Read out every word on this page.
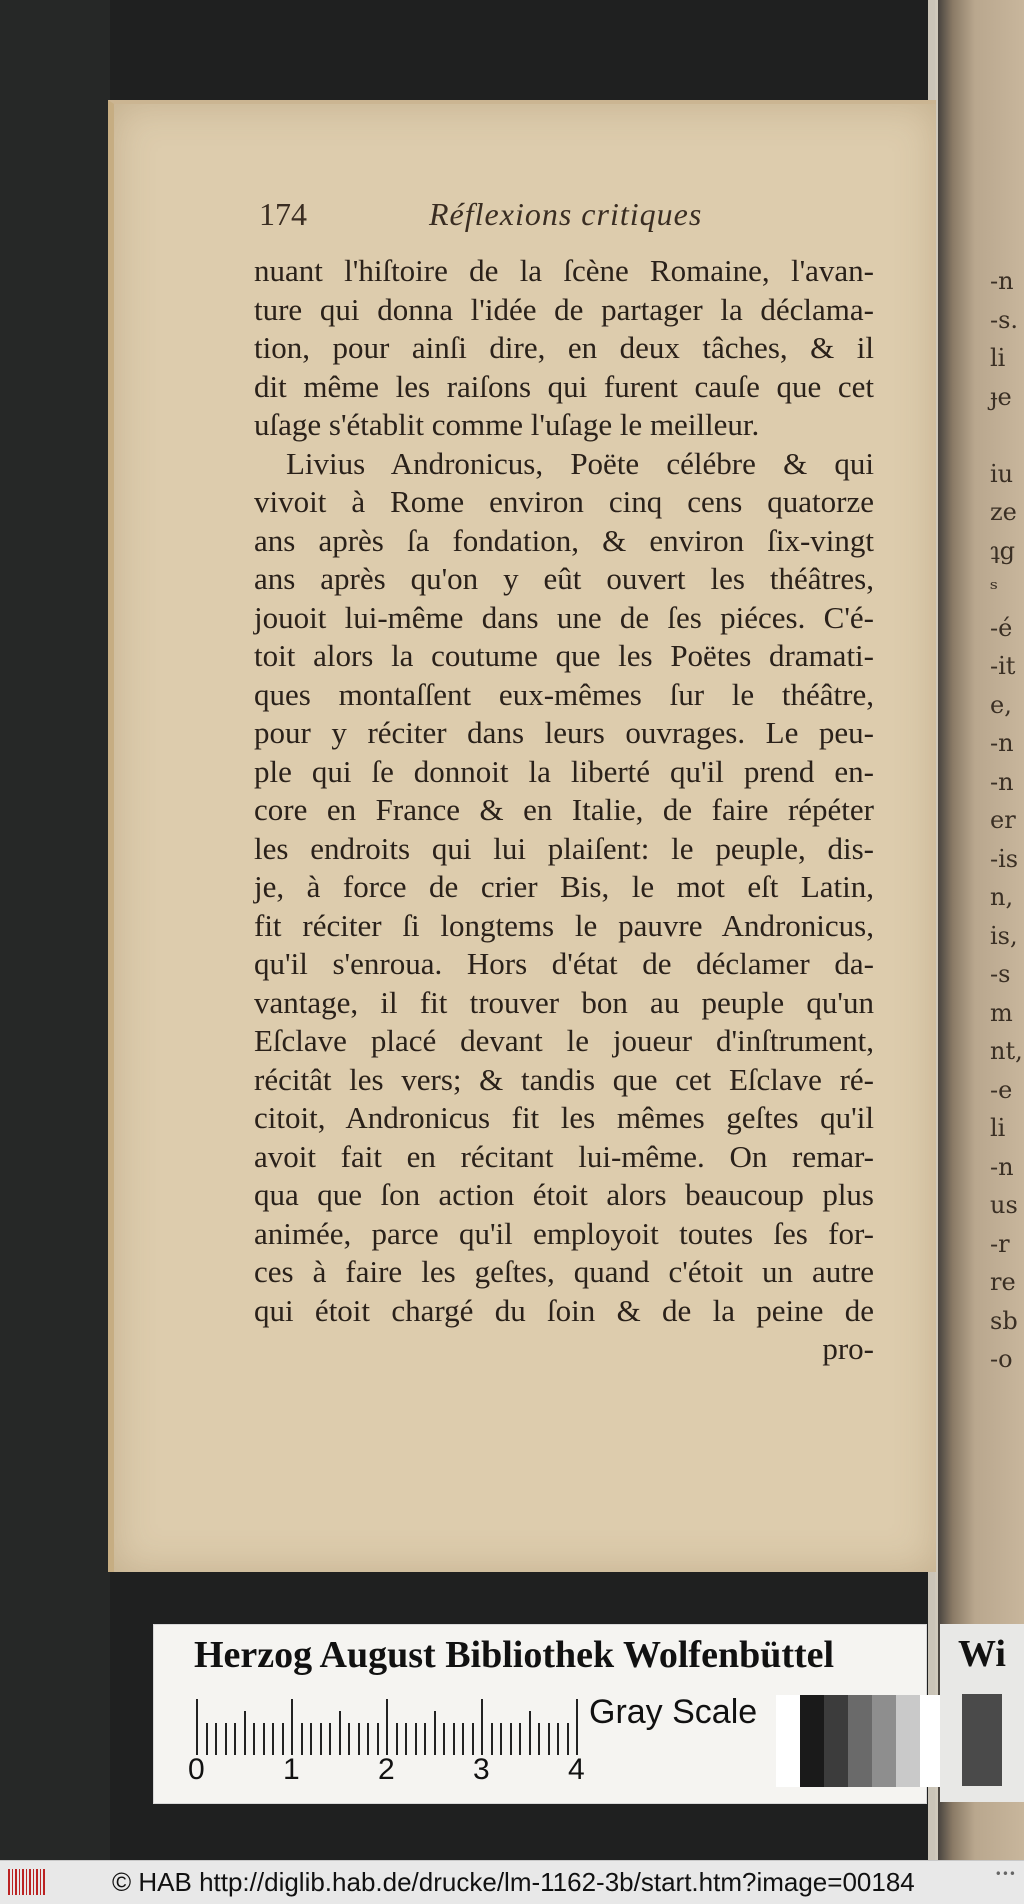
-n
-s.
li
ɟe
iu
ze
ʇg
ˢ
-é
-it
e,
-n
-n
er
-is
n,
is,
-s
m
nt,
-e
li
-n
us
-r
re
sb
-o
174	Réflexions critiques
nuant l'hiſtoire de la ſcène Romaine, l'avan-
ture qui donna l'idée de partager la déclama-
tion, pour ainſi dire, en deux tâches, & il
dit même les raiſons qui furent cauſe que cet
uſage s'établit comme l'uſage le meilleur.
Livius Andronicus, Poëte célébre & qui
vivoit à Rome environ cinq cens quatorze
ans après ſa fondation, & environ ſix-vingt
ans après qu'on y eût ouvert les théâtres,
jouoit lui-même dans une de ſes piéces. C'é-
toit alors la coutume que les Poëtes dramati-
ques montaſſent eux-mêmes ſur le théâtre,
pour y réciter dans leurs ouvrages. Le peu-
ple qui ſe donnoit la liberté qu'il prend en-
core en France & en Italie, de faire répéter
les endroits qui lui plaiſent: le peuple, dis-
je, à force de crier Bis, le mot eſt Latin,
fit réciter ſi longtems le pauvre Andronicus,
qu'il s'enroua. Hors d'état de déclamer da-
vantage, il fit trouver bon au peuple qu'un
Eſclave placé devant le joueur d'inſtrument,
récitât les vers; & tandis que cet Eſclave ré-
citoit, Andronicus fit les mêmes geſtes qu'il
avoit fait en récitant lui-même. On remar-
qua que ſon action étoit alors beaucoup plus
animée, parce qu'il employoit toutes ſes for-
ces à faire les geſtes, quand c'étoit un autre
qui étoit chargé du ſoin & de la peine de
pro-
Herzog August Bibliothek Wolfenbüttel
0	1	2	3	4
Gray Scale
Wi
© HAB http://diglib.hab.de/drucke/lm-1162-3b/start.htm?image=00184	•••
